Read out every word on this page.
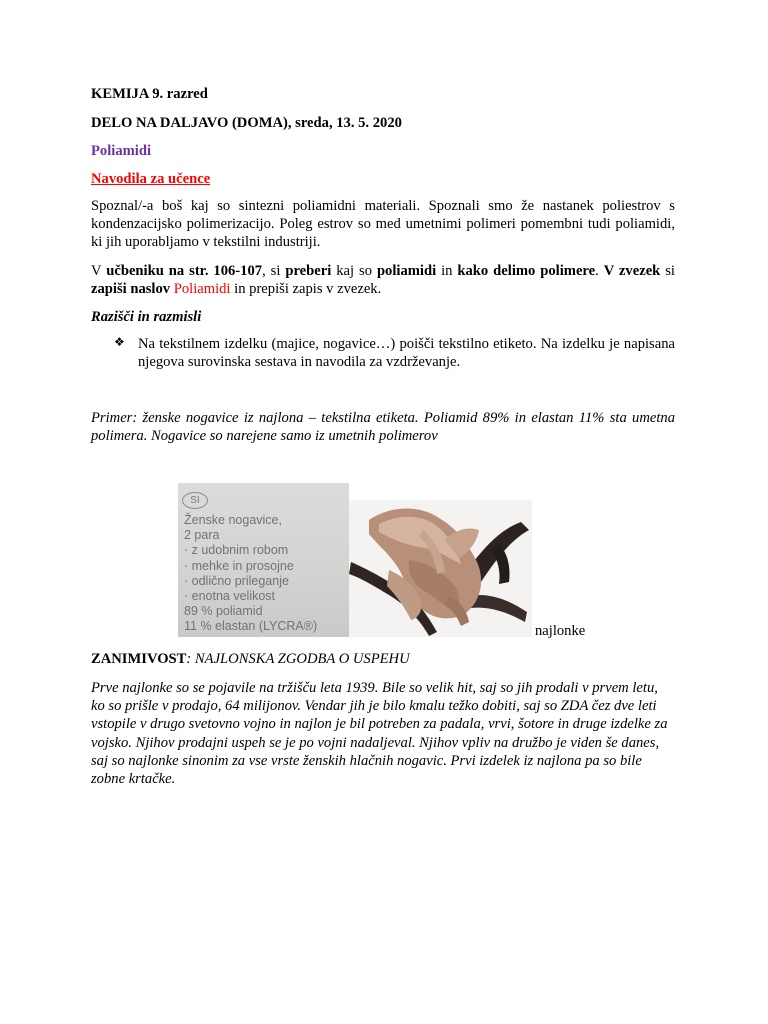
KEMIJA 9. razred
DELO NA DALJAVO (DOMA), sreda, 13. 5. 2020
Poliamidi
Navodila za učence
Spoznal/-a boš kaj so sintezni poliamidni materiali. Spoznali smo že nastanek poliestrov s kondenzacijsko polimerizacijo. Poleg estrov so med umetnimi polimeri pomembni tudi poliamidi, ki jih uporabljamo v tekstilni industriji.
V učbeniku na str. 106-107, si preberi kaj so poliamidi in kako delimo polimere. V zvezek si zapiši naslov Poliamidi in prepiši zapis v zvezek.
Razišči in razmisli
❖ Na tekstilnem izdelku (majice, nogavice…) poišči tekstilno etiketo. Na izdelku je napisana njegova surovinska sestava in navodila za vzdrževanje.
Primer: ženske nogavice iz najlona – tekstilna etiketa. Poliamid 89% in elastan 11% sta umetna polimera. Nogavice so narejene samo iz umetnih polimerov
SI
Ženske nogavice,
2 para
· z udobnim robom
· mehke in prosojne
· odlično prileganje
· enotna velikost
89 % poliamid
11 % elastan (LYCRA®)	najlonke
ZANIMIVOST: NAJLONSKA ZGODBA O USPEHU
Prve najlonke so se pojavile na tržišču leta 1939. Bile so velik hit, saj so jih prodali v prvem letu, ko so prišle v prodajo, 64 milijonov. Vendar jih je bilo kmalu težko dobiti, saj so ZDA čez dve leti vstopile v drugo svetovno vojno in najlon je bil potreben za padala, vrvi, šotore in druge izdelke za vojsko. Njihov prodajni uspeh se je po vojni nadaljeval. Njihov vpliv na družbo je viden še danes, saj so najlonke sinonim za vse vrste ženskih hlačnih nogavic. Prvi izdelek iz najlona pa so bile zobne krtačke.
